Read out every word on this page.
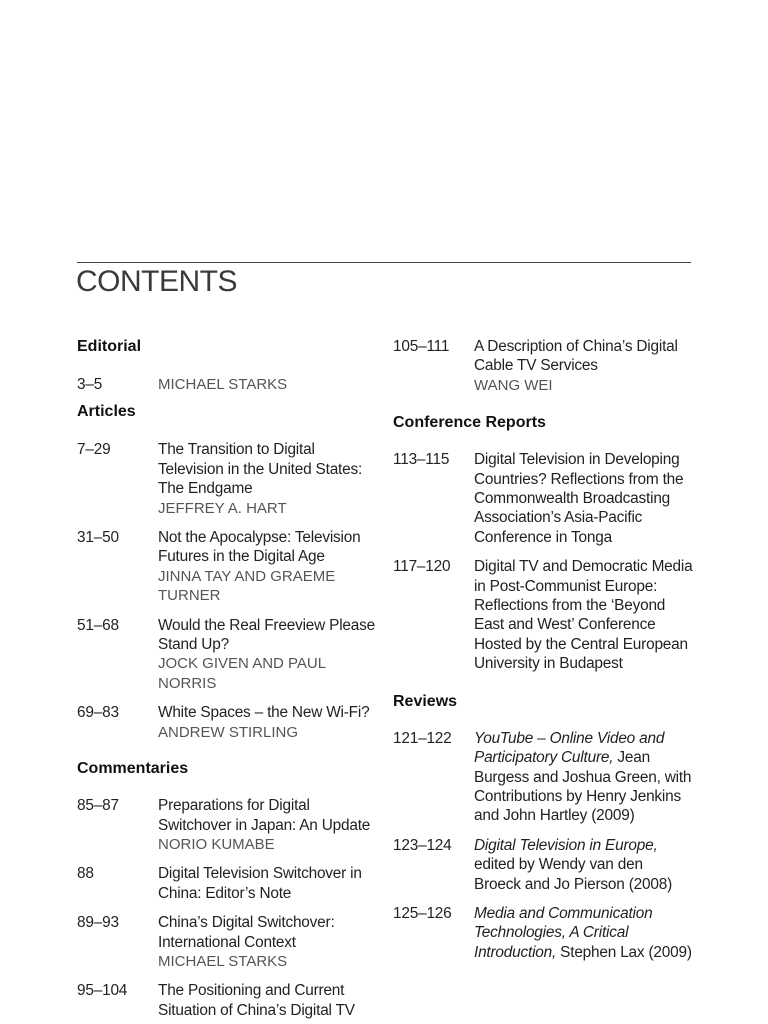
CONTENTS
Editorial
3–5	MICHAEL STARKS
Articles
7–29	The Transition to Digital Television in the United States: The Endgame
JEFFREY A. HART
31–50	Not the Apocalypse: Television Futures in the Digital Age
JINNA TAY AND GRAEME TURNER
51–68	Would the Real Freeview Please Stand Up?
JOCK GIVEN AND PAUL NORRIS
69–83	White Spaces – the New Wi-Fi?
ANDREW STIRLING
Commentaries
85–87	Preparations for Digital Switchover in Japan: An Update
NORIO KUMABE
88	Digital Television Switchover in China: Editor’s Note
89–93	China’s Digital Switchover: International Context
MICHAEL STARKS
95–104	The Positioning and Current Situation of China’s Digital TV
105–111	A Description of China’s Digital Cable TV Services
WANG WEI
Conference Reports
113–115	Digital Television in Developing Countries? Reflections from the Commonwealth Broadcasting Association’s Asia-Pacific Conference in Tonga
117–120	Digital TV and Democratic Media in Post-Communist Europe: Reflections from the ‘Beyond East and West’ Conference Hosted by the Central European University in Budapest
Reviews
121–122	YouTube – Online Video and Participatory Culture, Jean Burgess and Joshua Green, with Contributions by Henry Jenkins and John Hartley (2009)
123–124	Digital Television in Europe, edited by Wendy van den Broeck and Jo Pierson (2008)
125–126	Media and Communication Technologies, A Critical Introduction, Stephen Lax (2009)
